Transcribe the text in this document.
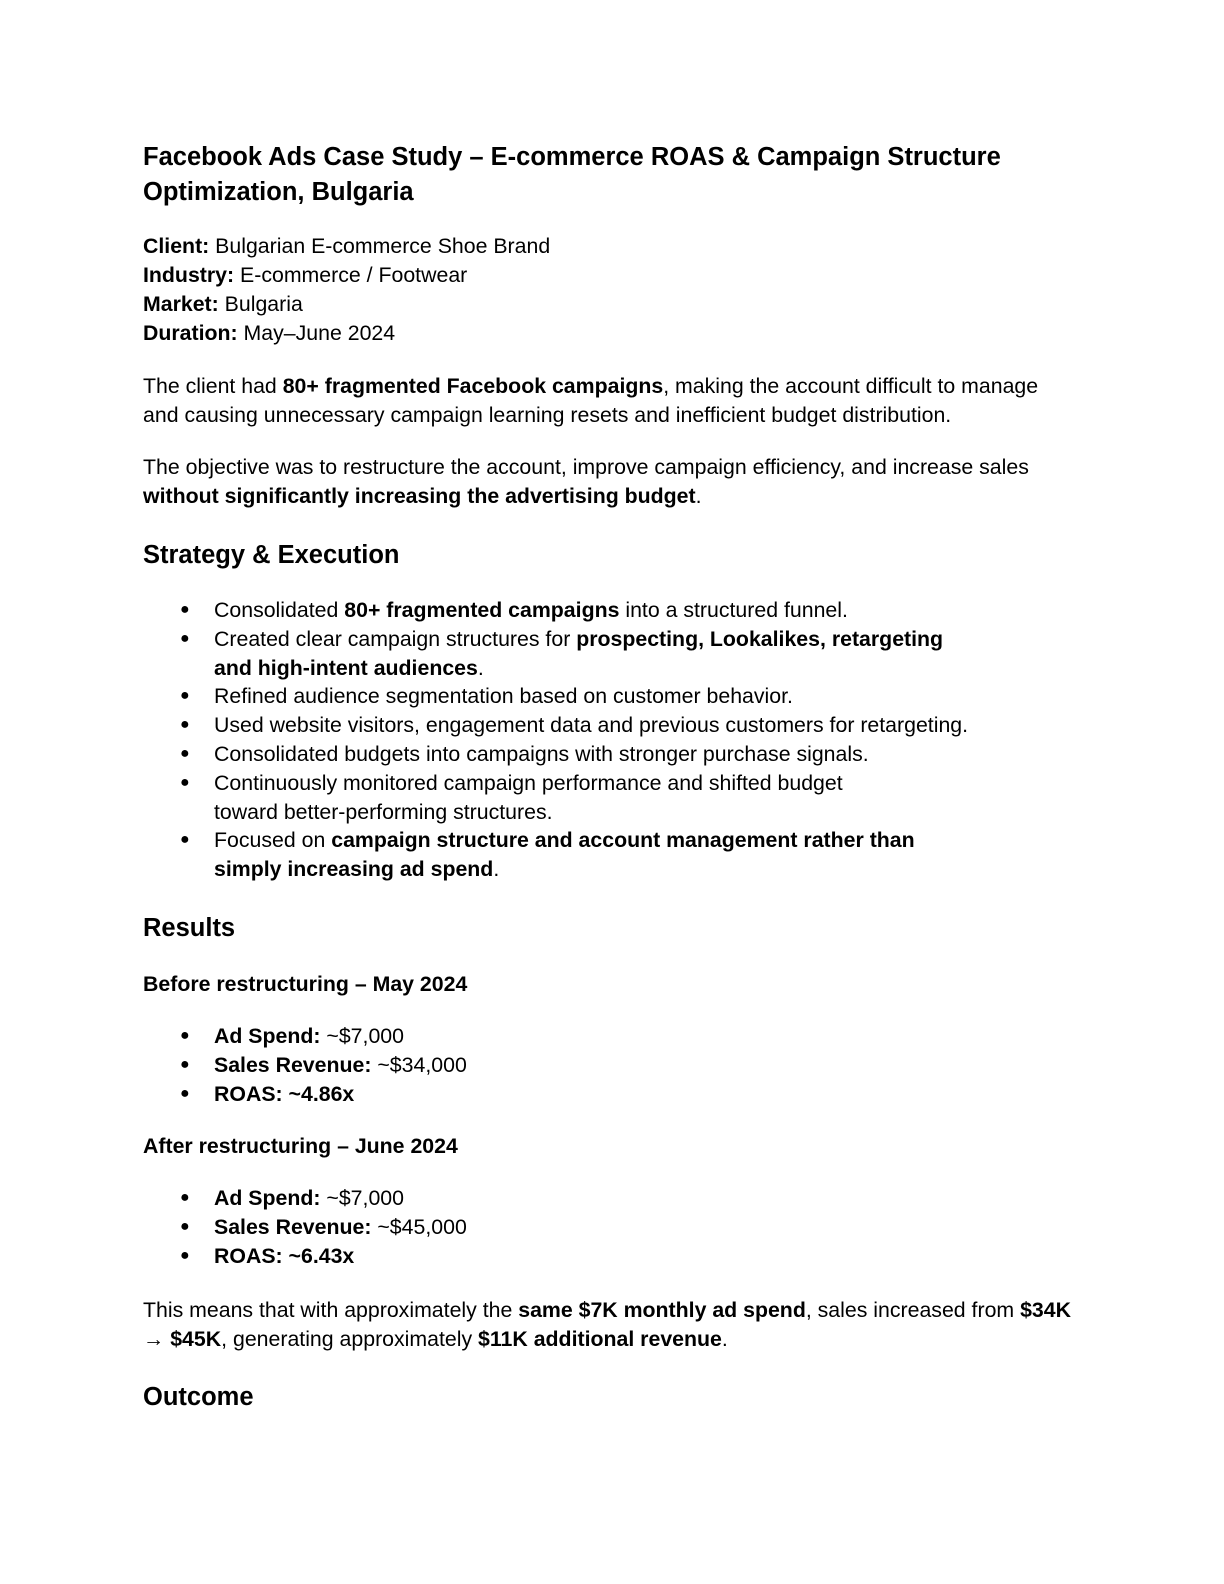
Facebook Ads Case Study – E-commerce ROAS & Campaign Structure Optimization, Bulgaria
Client: Bulgarian E-commerce Shoe Brand
Industry: E-commerce / Footwear
Market: Bulgaria
Duration: May–June 2024

The client had 80+ fragmented Facebook campaigns, making the account difficult to manage and causing unnecessary campaign learning resets and inefficient budget distribution.

The objective was to restructure the account, improve campaign efficiency, and increase sales without significantly increasing the advertising budget.

Strategy & Execution
● Consolidated 80+ fragmented campaigns into a structured funnel.
● Created clear campaign structures for prospecting, Lookalikes, retargeting and high-intent audiences.
● Refined audience segmentation based on customer behavior.
● Used website visitors, engagement data and previous customers for retargeting.
● Consolidated budgets into campaigns with stronger purchase signals.
● Continuously monitored campaign performance and shifted budget toward better-performing structures.
● Focused on campaign structure and account management rather than simply increasing ad spend.
Results
Before restructuring – May 2024
● Ad Spend: ~$7,000
● Sales Revenue: ~$34,000
● ROAS: ~4.86x
After restructuring – June 2024
● Ad Spend: ~$7,000
● Sales Revenue: ~$45,000
● ROAS: ~6.43x

This means that with approximately the same $7K monthly ad spend, sales increased from $34K → $45K, generating approximately $11K additional revenue.

Outcome
